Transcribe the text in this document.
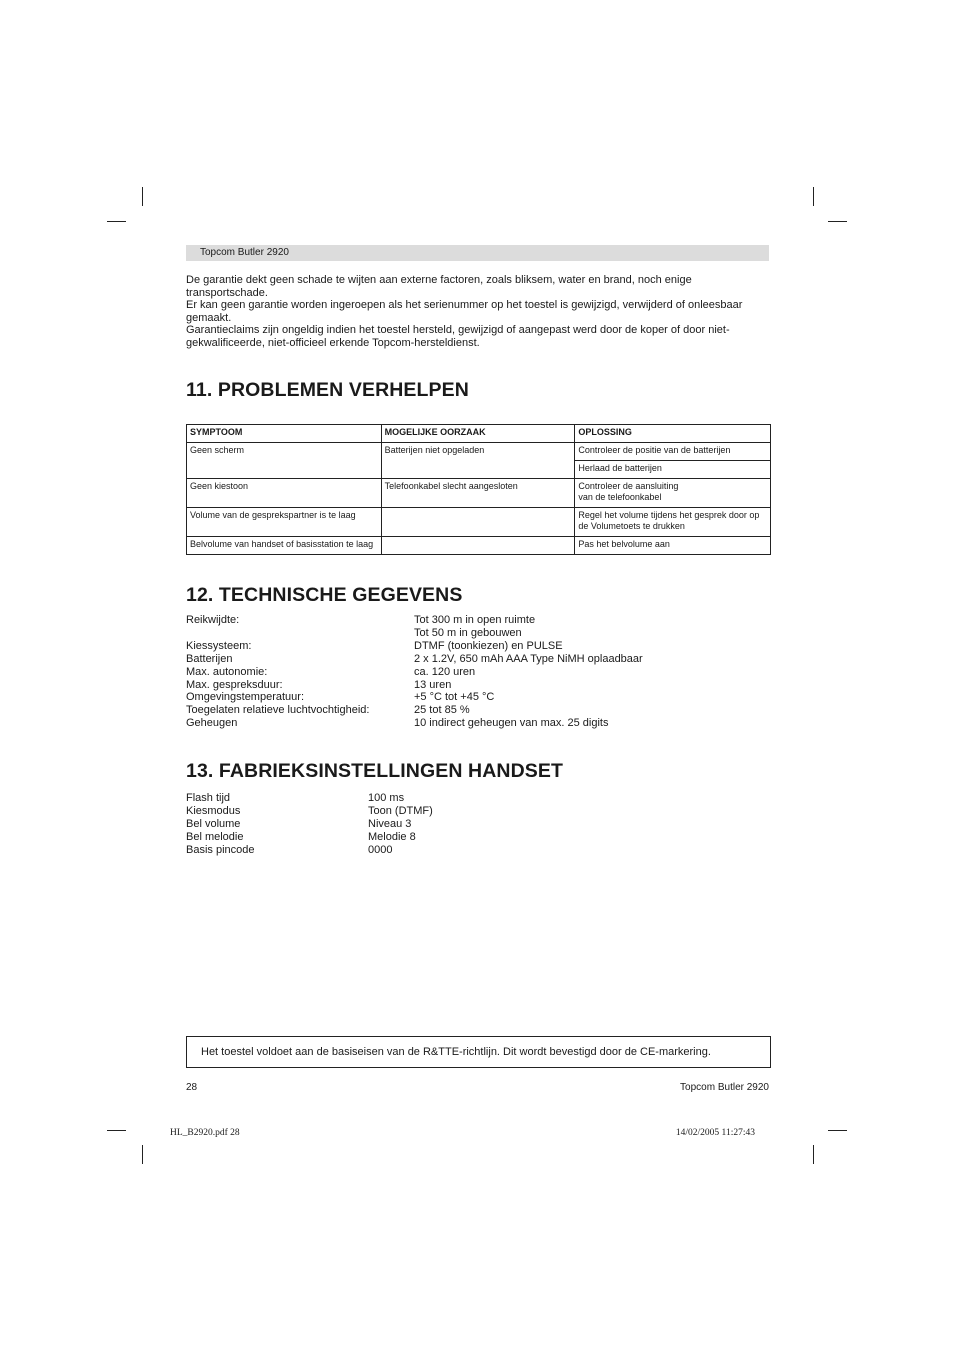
Topcom Butler 2920

De garantie dekt geen schade te wijten aan externe factoren, zoals bliksem, water en brand, noch enige transportschade.

Er kan geen garantie worden ingeroepen als het serienummer op het toestel is gewijzigd, verwijderd of onleesbaar gemaakt.

Garantieclaims zijn ongeldig indien het toestel hersteld, gewijzigd of aangepast werd door de koper of door niet-gekwalificeerde, niet-officieel erkende Topcom-hersteldienst.

11. PROBLEMEN VERHELPEN
SYMPTOOM	MOGELIJKE OORZAAK	OPLOSSING
Geen scherm	Batterijen niet opgeladen	Controleer de positie van de batterijen
		Herlaad de batterijen
Geen kiestoon	Telefoonkabel slecht aangesloten	Controleer de aansluiting
van de telefoonkabel
Volume van de gesprekspartner is te laag		Regel het volume tijdens het gesprek door op de Volumetoets te drukken
Belvolume van handset of basisstation te laag		Pas het belvolume aan
12. TECHNISCHE GEGEVENS
Reikwijdte:	Tot 300 m in open ruimte
Tot 50 m in gebouwen
Kiessysteem:	DTMF (toonkiezen) en PULSE
Batterijen	2 x 1.2V, 650 mAh AAA Type NiMH oplaadbaar
Max. autonomie:	ca. 120 uren
Max. gespreksduur:	13 uren
Omgevingstemperatuur:	+5 °C tot +45 °C
Toegelaten relatieve luchtvochtigheid:	25 tot 85 %
Geheugen	10 indirect geheugen van max. 25 digits
13. FABRIEKSINSTELLINGEN HANDSET
Flash tijd	100 ms
Kiesmodus	Toon (DTMF)
Bel volume	Niveau 3
Bel melodie	Melodie 8
Basis pincode	0000
Het toestel voldoet aan de basiseisen van de R&TTE-richtlijn. Dit wordt bevestigd door de CE-markering.
28	Topcom Butler 2920
HL_B2920.pdf 28	14/02/2005 11:27:43
